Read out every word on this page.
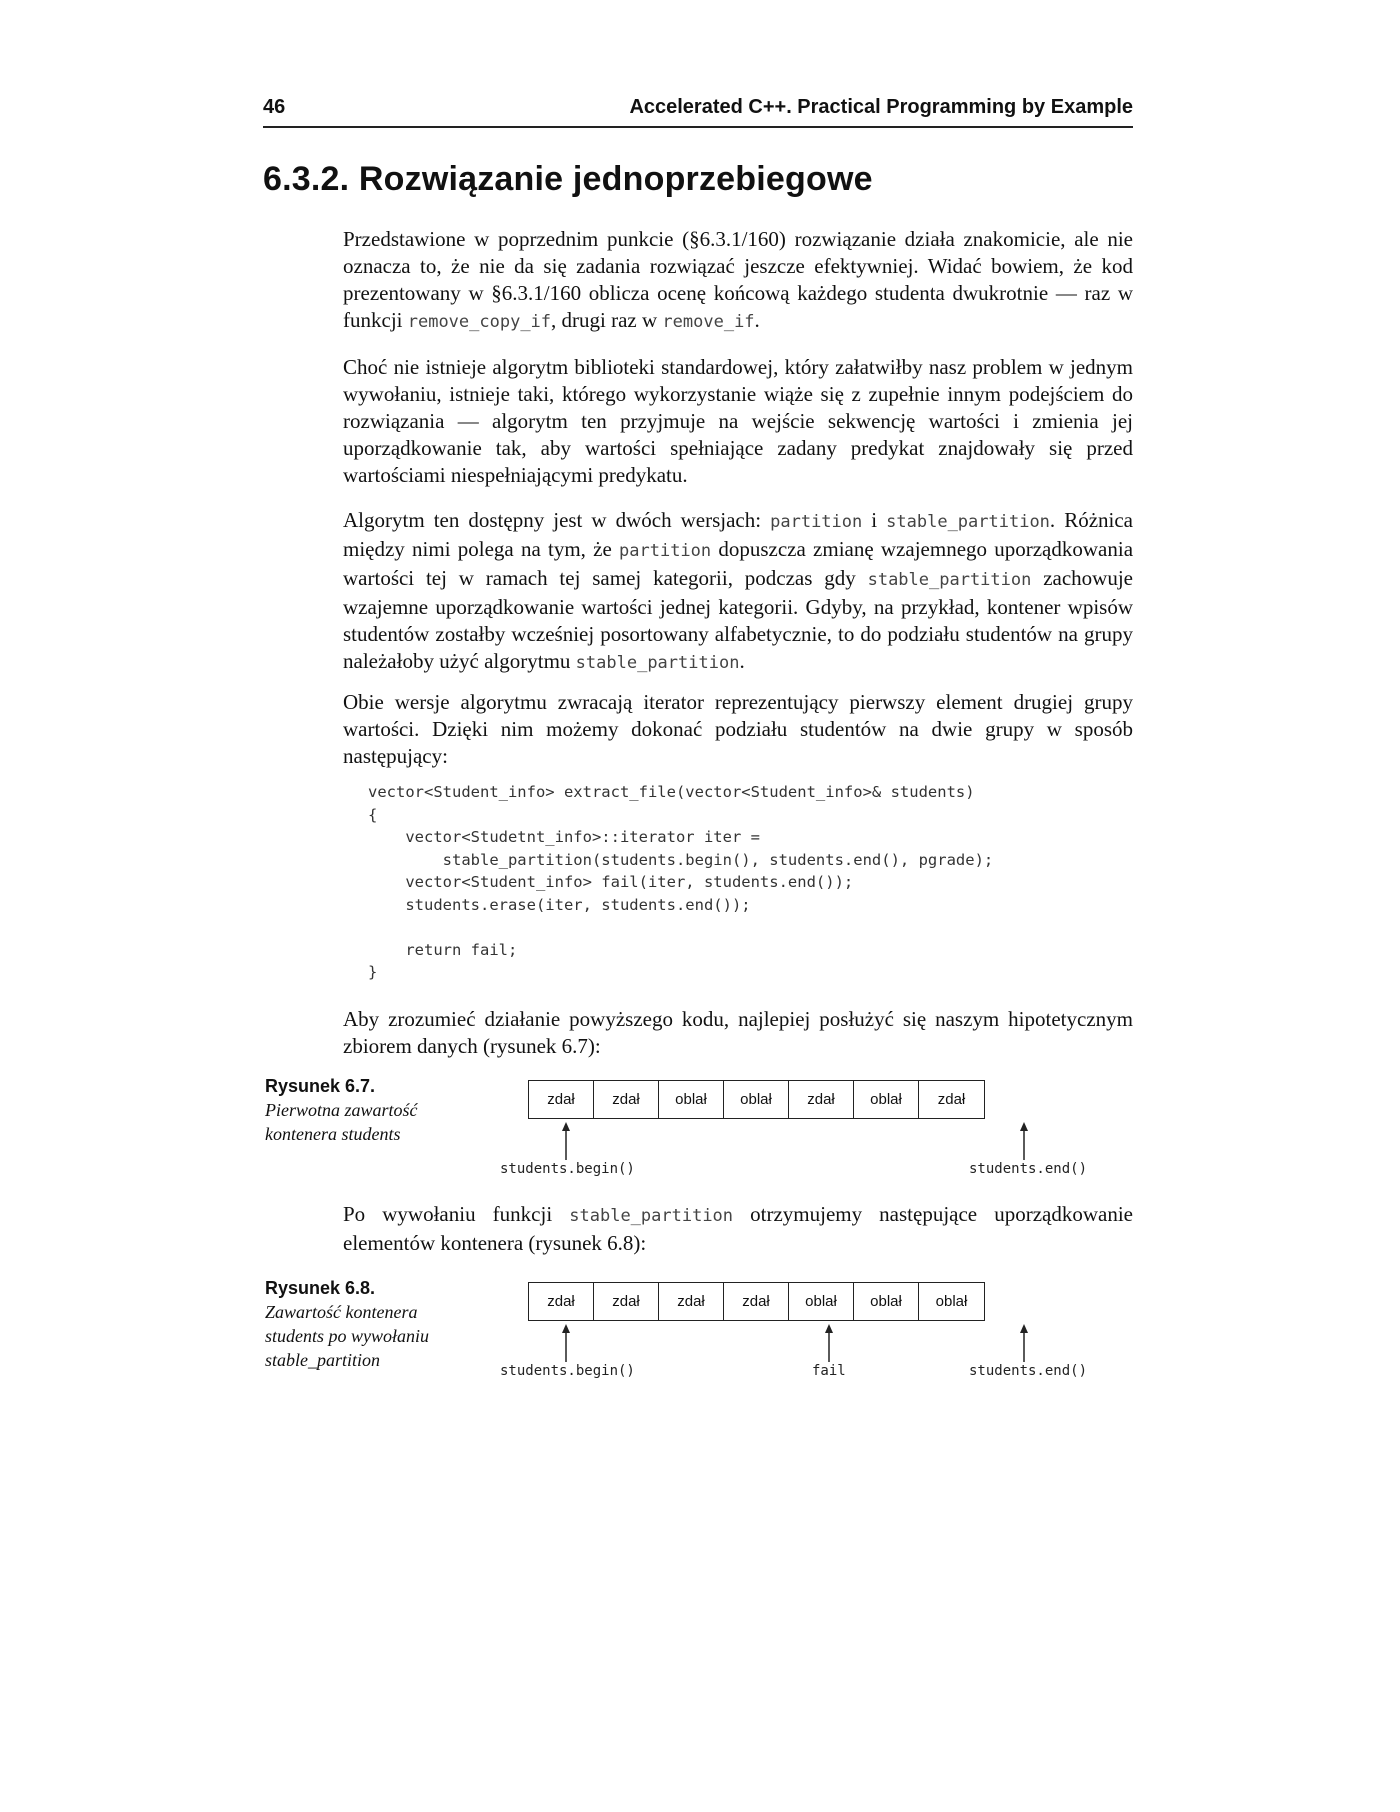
46	Accelerated C++. Practical Programming by Example
6.3.2. Rozwiązanie jednoprzebiegowe

Przedstawione w poprzednim punkcie (§6.3.1/160) rozwiązanie działa znakomicie, ale nie oznacza to, że nie da się zadania rozwiązać jeszcze efektywniej. Widać bowiem, że kod prezentowany w §6.3.1/160 oblicza ocenę końcową każdego studenta dwukrotnie — raz w funkcji remove_copy_if, drugi raz w remove_if.

Choć nie istnieje algorytm biblioteki standardowej, który załatwiłby nasz problem w jednym wywołaniu, istnieje taki, którego wykorzystanie wiąże się z zupełnie innym podejściem do rozwiązania — algorytm ten przyjmuje na wejście sekwencję wartości i zmienia jej uporządkowanie tak, aby wartości spełniające zadany predykat znajdowały się przed wartościami niespełniającymi predykatu.

Algorytm ten dostępny jest w dwóch wersjach: partition i stable_partition. Różnica między nimi polega na tym, że partition dopuszcza zmianę wzajemnego uporządkowania wartości tej w ramach tej samej kategorii, podczas gdy stable_partition zachowuje wzajemne uporządkowanie wartości jednej kategorii. Gdyby, na przykład, kontener wpisów studentów zostałby wcześniej posortowany alfabetycznie, to do podziału studentów na grupy należałoby użyć algorytmu stable_partition.

Obie wersje algorytmu zwracają iterator reprezentujący pierwszy element drugiej grupy wartości. Dzięki nim możemy dokonać podziału studentów na dwie grupy w sposób następujący:

vector<Student_info> extract_file(vector<Student_info>& students)
{
vector<Studetnt_info>::iterator iter =
stable_partition(students.begin(), students.end(), pgrade);
vector<Student_info> fail(iter, students.end());
students.erase(iter, students.end());

return fail;
}

Aby zrozumieć działanie powyższego kodu, najlepiej posłużyć się naszym hipotetycznym zbiorem danych (rysunek 6.7):

Rysunek 6.7.
Pierwotna zawartość
kontenera students
zdał	zdał	oblał	oblał	zdał	oblał	zdał
students.begin()	students.end()

Po wywołaniu funkcji stable_partition otrzymujemy następujące uporządkowanie elementów kontenera (rysunek 6.8):

Rysunek 6.8.
Zawartość kontenera
students po wywołaniu
stable_partition
zdał	zdał	zdał	zdał	oblał	oblał	oblał
students.begin()	fail	students.end()
